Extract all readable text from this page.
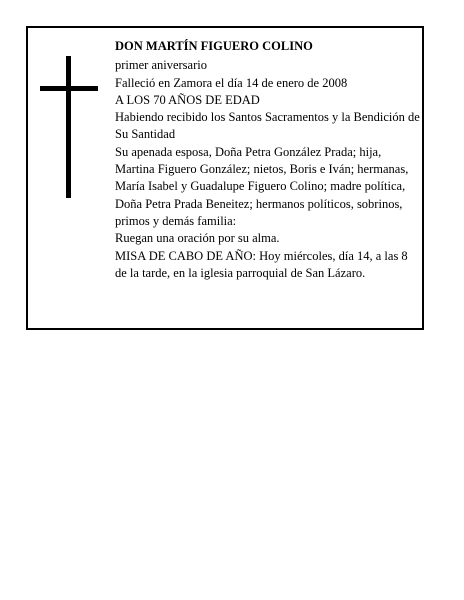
DON MARTÍN FIGUERO COLINO

primer aniversario

Falleció en Zamora el día 14 de enero de 2008

A LOS 70 AÑOS DE EDAD

Habiendo recibido los Santos Sacramentos y la Bendición de Su Santidad

Su apenada esposa, Doña Petra González Prada; hija, Martina Figuero González; nietos, Boris e Iván; hermanas, María Isabel y Guadalupe Figuero Colino; madre política, Doña Petra Prada Beneitez; hermanos políticos, sobrinos, primos y demás familia:

Ruegan una oración por su alma.

MISA DE CABO DE AÑO: Hoy miércoles, día 14, a las 8 de la tarde, en la iglesia parroquial de San Lázaro.
